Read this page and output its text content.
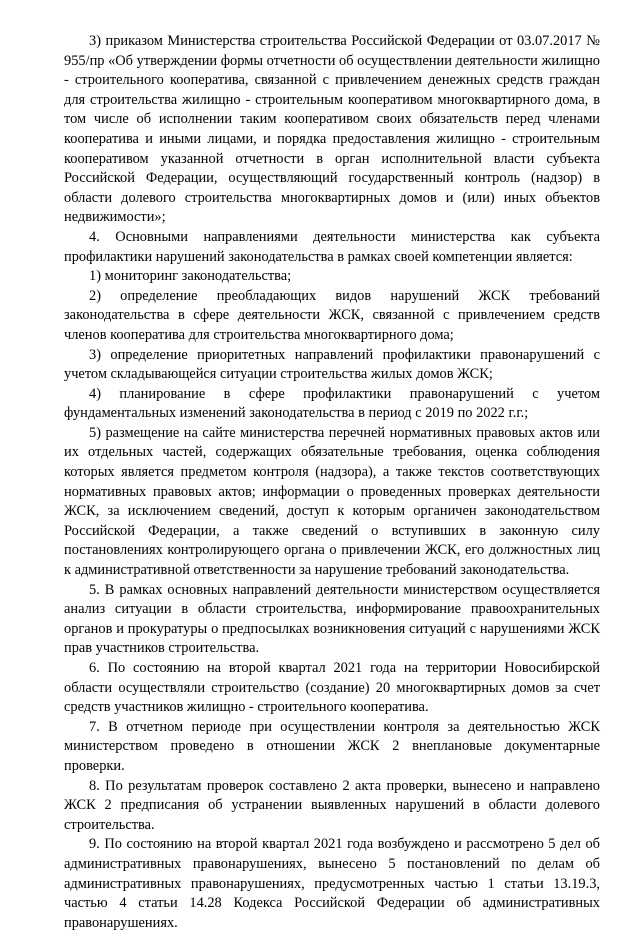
3) приказом Министерства строительства Российской Федерации от 03.07.2017 № 955/пр «Об утверждении формы отчетности об осуществлении деятельности жилищно - строительного кооператива, связанной с привлечением денежных средств граждан для строительства жилищно - строительным кооперативом многоквартирного дома, в том числе об исполнении таким кооперативом своих обязательств перед членами кооператива и иными лицами, и порядка предоставления жилищно - строительным кооперативом указанной отчетности в орган исполнительной власти субъекта Российской Федерации, осуществляющий государственный контроль (надзор) в области долевого строительства многоквартирных домов и (или) иных объектов недвижимости»;

4. Основными направлениями деятельности министерства как субъекта профилактики нарушений законодательства в рамках своей компетенции является:

1) мониторинг законодательства;

2) определение преобладающих видов нарушений ЖСК требований законодательства в сфере деятельности ЖСК, связанной с привлечением средств членов кооператива для строительства многоквартирного дома;

3) определение приоритетных направлений профилактики правонарушений с учетом складывающейся ситуации строительства жилых домов ЖСК;

4) планирование в сфере профилактики правонарушений с учетом фундаментальных изменений законодательства в период с 2019 по 2022 г.г.;

5) размещение на сайте министерства перечней нормативных правовых актов или их отдельных частей, содержащих обязательные требования, оценка соблюдения которых является предметом контроля (надзора), а также текстов соответствующих нормативных правовых актов; информации о проведенных проверках деятельности ЖСК, за исключением сведений, доступ к которым органичен законодательством Российской Федерации, а также сведений о вступивших в законную силу постановлениях контролирующего органа о привлечении ЖСК, его должностных лиц к административной ответственности за нарушение требований законодательства.

5. В рамках основных направлений деятельности министерством осуществляется анализ ситуации в области строительства, информирование правоохранительных органов и прокуратуры о предпосылках возникновения ситуаций с нарушениями ЖСК прав участников строительства.

6. По состоянию на второй квартал 2021 года на территории Новосибирской области осуществляли строительство (создание) 20 многоквартирных домов за счет средств участников жилищно - строительного кооператива.

7. В отчетном периоде при осуществлении контроля за деятельностью ЖСК министерством проведено в отношении ЖСК 2 внеплановые документарные проверки.

8. По результатам проверок составлено 2 акта проверки, вынесено и направлено ЖСК 2 предписания об устранении выявленных нарушений в области долевого строительства.

9. По состоянию на второй квартал 2021 года возбуждено и рассмотрено 5 дел об административных правонарушениях, вынесено 5 постановлений по делам об административных правонарушениях, предусмотренных частью 1 статьи 13.19.3, частью 4 статьи 14.28 Кодекса Российской Федерации об административных правонарушениях.
